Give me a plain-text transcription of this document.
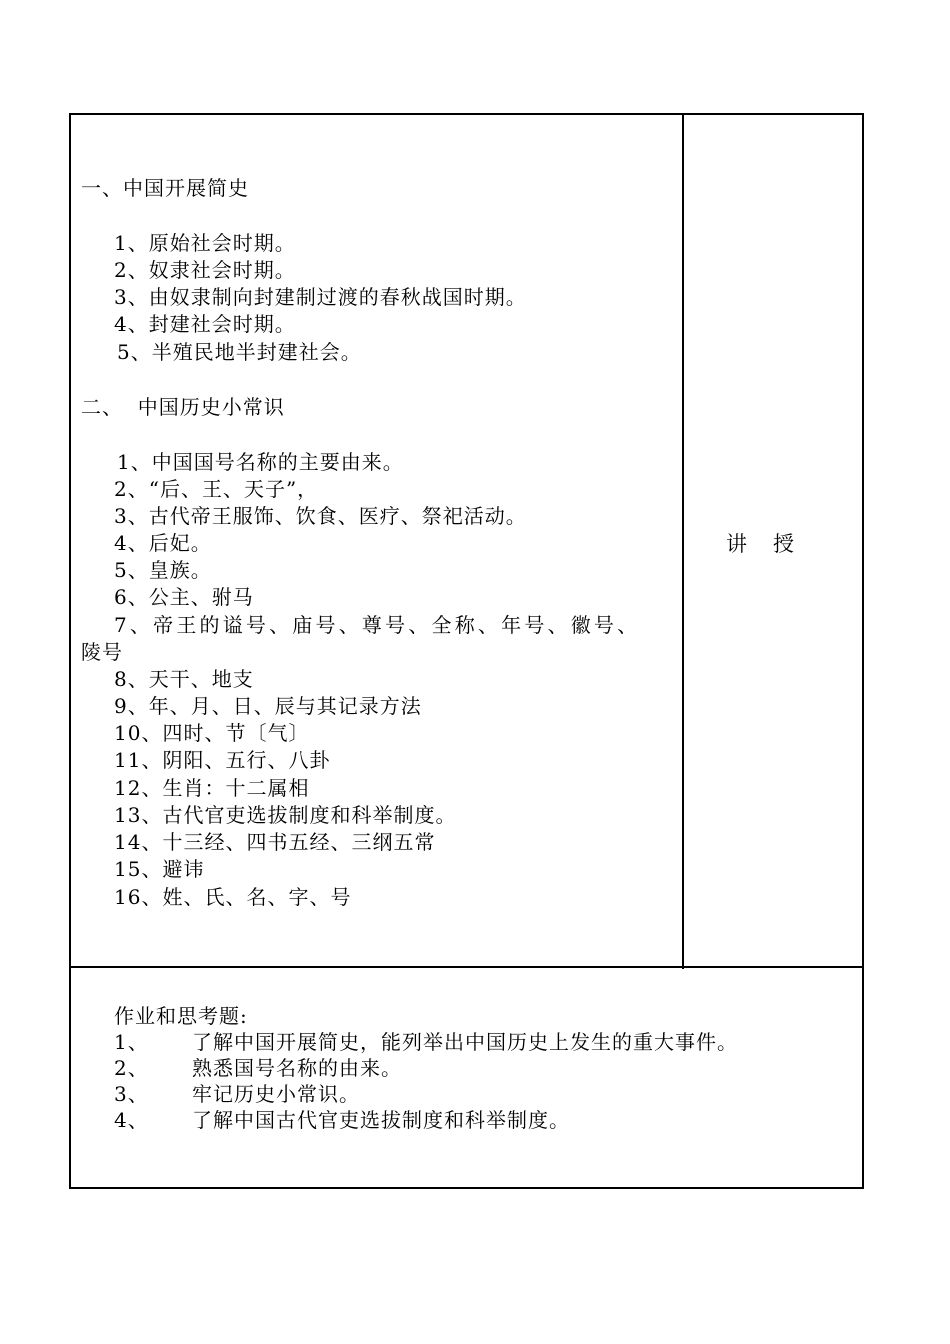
一、中国开展简史
1、原始社会时期。
2、奴隶社会时期。
3、由奴隶制向封建制过渡的春秋战国时期。
4、封建社会时期。
5、半殖民地半封建社会。
二、  中国历史小常识
1、中国国号名称的主要由来。
2、“后、王、天子”，
3、古代帝王服饰、饮食、医疗、祭祀活动。
4、后妃。
5、皇族。
6、公主、驸马
7、帝王的谥号、庙号、尊号、全称、年号、徽号、
陵号
8、天干、地支
9、年、月、日、辰与其记录方法
10、四时、节〔气〕
11、阴阳、五行、八卦
12、生肖：十二属相
13、古代官吏选拔制度和科举制度。
14、十三经、四书五经、三纲五常
15、避讳
16、姓、氏、名、字、号
讲 授
作业和思考题:
1、 了解中国开展简史，能列举出中国历史上发生的重大事件。
2、 熟悉国号名称的由来。
3、 牢记历史小常识。
4、 了解中国古代官吏选拔制度和科举制度。
